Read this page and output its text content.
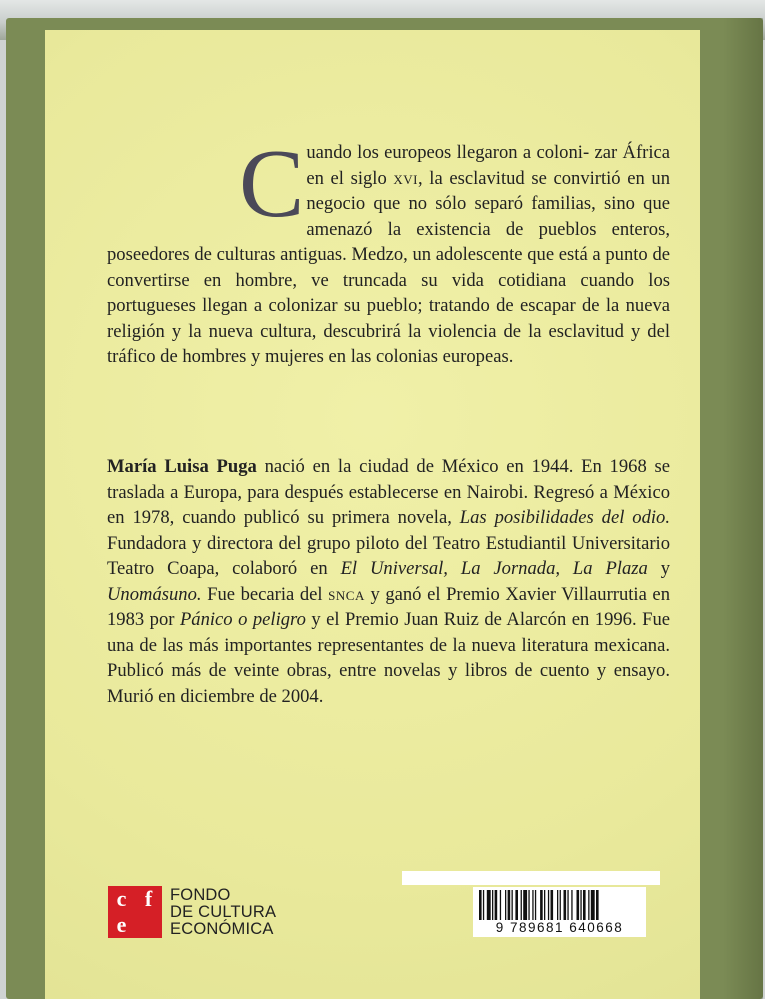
C uando los europeos llegaron a coloni- zar África en el siglo xvi, la esclavitud se convirtió en un negocio que no sólo separó familias, sino que amenazó la existencia de pueblos enteros, poseedores de culturas antiguas. Medzo, un adolescente que está a punto de convertirse en hombre, ve truncada su vida cotidiana cuando los portugueses llegan a colonizar su pueblo; tratando de escapar de la nueva religión y la nueva cultura, descubrirá la violencia de la esclavitud y del tráfico de hombres y mujeres en las colonias europeas.

María Luisa Puga nació en la ciudad de México en 1944. En 1968 se traslada a Europa, para después establecerse en Nairobi. Regresó a México en 1978, cuando publicó su primera novela, Las posibilidades del odio. Fundadora y directora del grupo piloto del Teatro Estudiantil Universitario Teatro Coapa, colaboró en El Universal, La Jornada, La Plaza y Unomásuno. Fue becaria del snca y ganó el Premio Xavier Villaurrutia en 1983 por Pánico o peligro y el Premio Juan Ruiz de Alarcón en 1996. Fue una de las más importantes representantes de la nueva literatura mexicana. Publicó más de veinte obras, entre novelas y libros de cuento y ensayo. Murió en diciembre de 2004.

c f
e
FONDO
DE CULTURA
ECONÓMICA	9 789681 640668
